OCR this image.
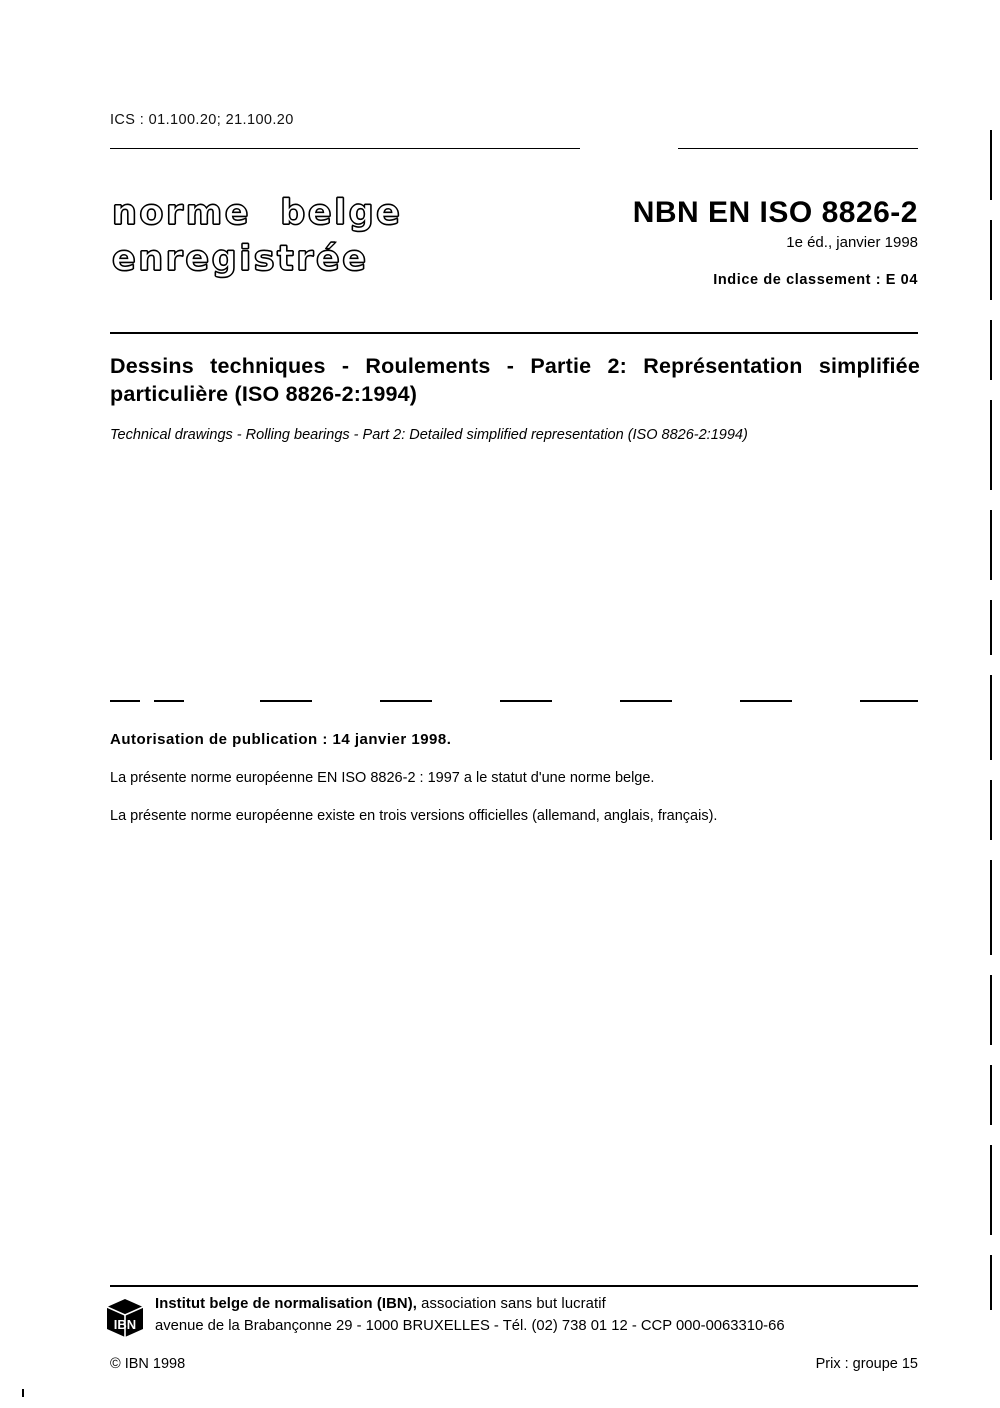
ICS : 01.100.20; 21.100.20
norme  belge
enregistrée
NBN EN ISO 8826-2
1e éd., janvier 1998
Indice de classement : E 04
Dessins techniques - Roulements - Partie 2: Représentation simplifiée particulière (ISO 8826-2:1994)
Technical drawings - Rolling bearings - Part 2: Detailed simplified representation (ISO 8826-2:1994)
Autorisation de publication : 14 janvier 1998.
La présente norme européenne EN ISO 8826-2 : 1997 a le statut d'une norme belge.
La présente norme européenne existe en trois versions officielles (allemand, anglais, français).
IBN
Institut belge de normalisation (IBN), association sans but lucratif
avenue de la Brabançonne 29 - 1000 BRUXELLES - Tél. (02) 738 01 12 - CCP 000-0063310-66
© IBN 1998	Prix : groupe 15
